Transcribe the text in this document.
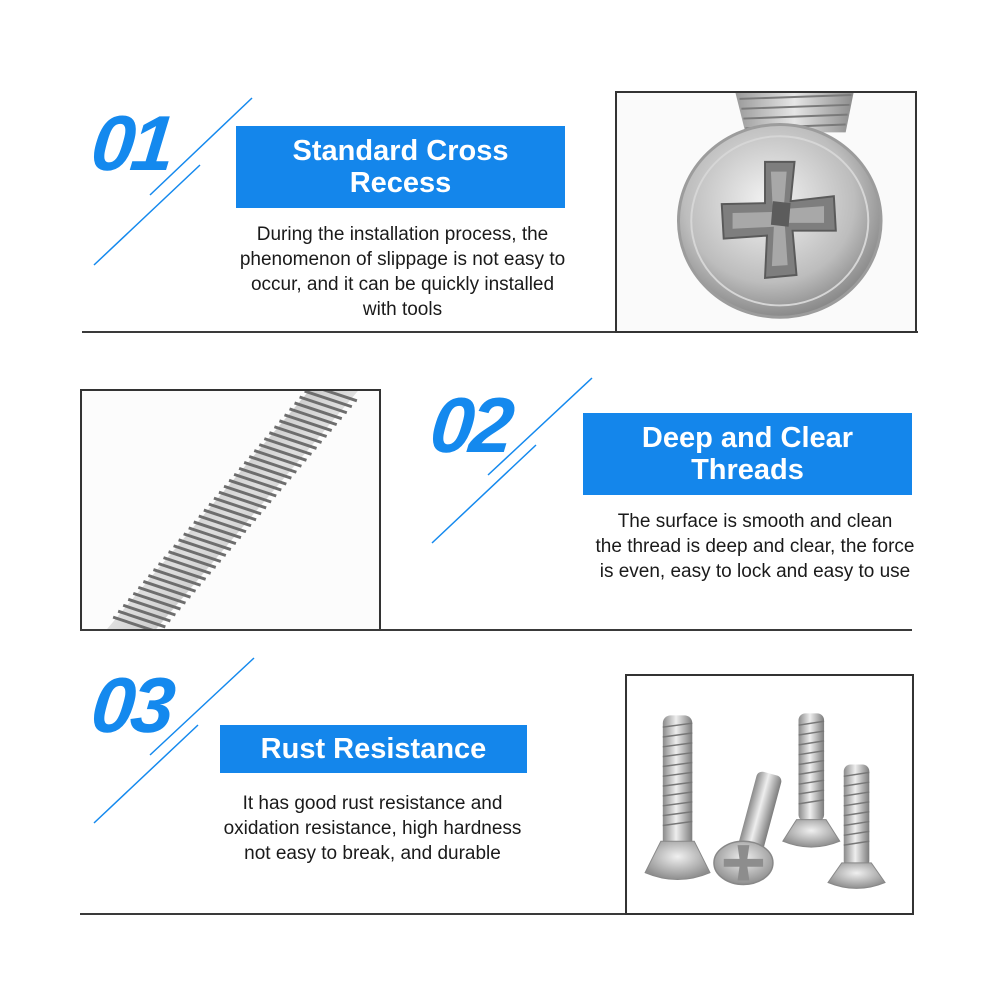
01	Standard Cross
Recess
During the installation process, the
phenomenon of slippage is not easy to
occur, and it can be quickly installed
with tools
02	Deep and Clear
Threads
The surface is smooth and clean
the thread is deep and clear, the force
is even, easy to lock and easy to use
03	Rust Resistance
It has good rust resistance and
oxidation resistance, high hardness
not easy to break, and durable
